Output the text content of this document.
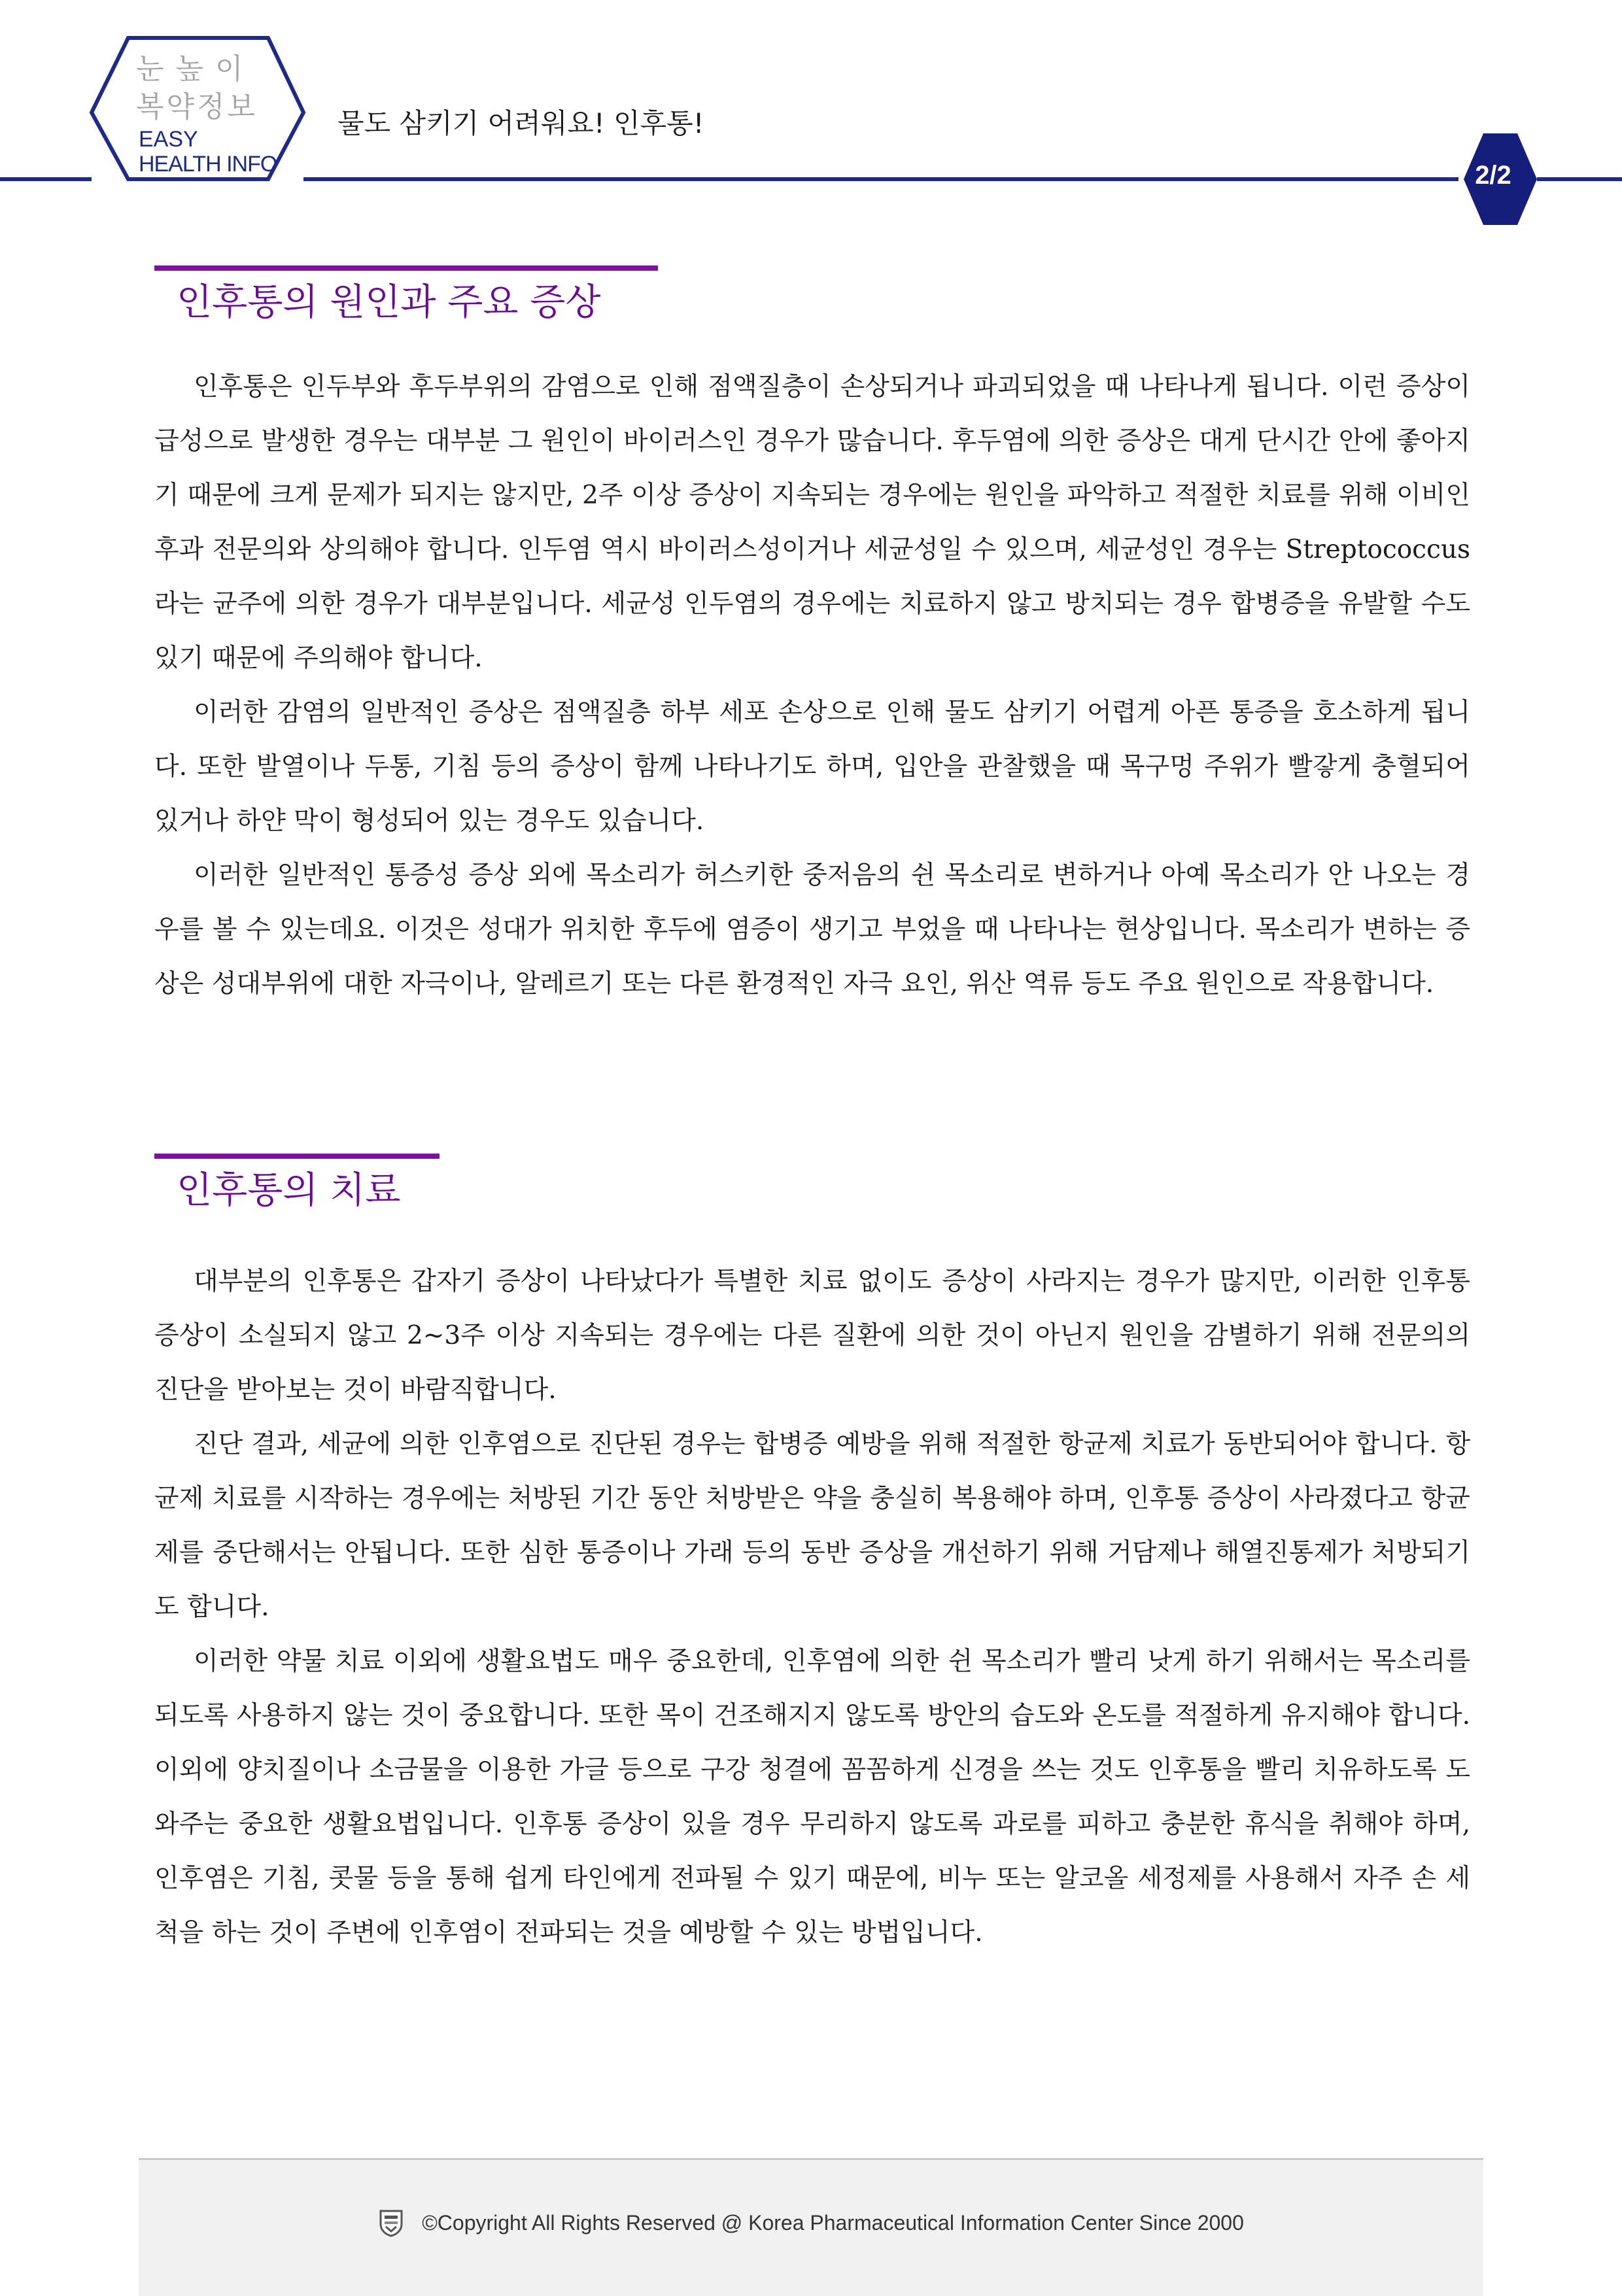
눈높이
복약정보
EASY
HEALTH INFO
물도 삼키기 어려워요! 인후통!
2/2
인후통의 원인과 주요 증상

인후통은 인두부와 후두부위의 감염으로 인해 점액질층이 손상되거나 파괴되었을 때 나타나게 됩니다. 이런 증상이 급성으로 발생한 경우는 대부분 그 원인이 바이러스인 경우가 많습니다. 후두염에 의한 증상은 대게 단시간 안에 좋아지기 때문에 크게 문제가 되지는 않지만, 2주 이상 증상이 지속되는 경우에는 원인을 파악하고 적절한 치료를 위해 이비인후과 전문의와 상의해야 합니다. 인두염 역시 바이러스성이거나 세균성일 수 있으며, 세균성인 경우는 Streptococcus라는 균주에 의한 경우가 대부분입니다. 세균성 인두염의 경우에는 치료하지 않고 방치되는 경우 합병증을 유발할 수도 있기 때문에 주의해야 합니다.

이러한 감염의 일반적인 증상은 점액질층 하부 세포 손상으로 인해 물도 삼키기 어렵게 아픈 통증을 호소하게 됩니다. 또한 발열이나 두통, 기침 등의 증상이 함께 나타나기도 하며, 입안을 관찰했을 때 목구멍 주위가 빨갛게 충혈되어 있거나 하얀 막이 형성되어 있는 경우도 있습니다.

이러한 일반적인 통증성 증상 외에 목소리가 허스키한 중저음의 쉰 목소리로 변하거나 아예 목소리가 안 나오는 경우를 볼 수 있는데요. 이것은 성대가 위치한 후두에 염증이 생기고 부었을 때 나타나는 현상입니다. 목소리가 변하는 증상은 성대부위에 대한 자극이나, 알레르기 또는 다른 환경적인 자극 요인, 위산 역류 등도 주요 원인으로 작용합니다.

인후통의 치료

대부분의 인후통은 갑자기 증상이 나타났다가 특별한 치료 없이도 증상이 사라지는 경우가 많지만, 이러한 인후통 증상이 소실되지 않고 2~3주 이상 지속되는 경우에는 다른 질환에 의한 것이 아닌지 원인을 감별하기 위해 전문의의 진단을 받아보는 것이 바람직합니다.

진단 결과, 세균에 의한 인후염으로 진단된 경우는 합병증 예방을 위해 적절한 항균제 치료가 동반되어야 합니다. 항균제 치료를 시작하는 경우에는 처방된 기간 동안 처방받은 약을 충실히 복용해야 하며, 인후통 증상이 사라졌다고 항균제를 중단해서는 안됩니다. 또한 심한 통증이나 가래 등의 동반 증상을 개선하기 위해 거담제나 해열진통제가 처방되기도 합니다.

이러한 약물 치료 이외에 생활요법도 매우 중요한데, 인후염에 의한 쉰 목소리가 빨리 낫게 하기 위해서는 목소리를 되도록 사용하지 않는 것이 중요합니다. 또한 목이 건조해지지 않도록 방안의 습도와 온도를 적절하게 유지해야 합니다. 이외에 양치질이나 소금물을 이용한 가글 등으로 구강 청결에 꼼꼼하게 신경을 쓰는 것도 인후통을 빨리 치유하도록 도와주는 중요한 생활요법입니다. 인후통 증상이 있을 경우 무리하지 않도록 과로를 피하고 충분한 휴식을 취해야 하며, 인후염은 기침, 콧물 등을 통해 쉽게 타인에게 전파될 수 있기 때문에, 비누 또는 알코올 세정제를 사용해서 자주 손 세척을 하는 것이 주변에 인후염이 전파되는 것을 예방할 수 있는 방법입니다.

©Copyright All Rights Reserved @ Korea Pharmaceutical Information Center Since 2000
